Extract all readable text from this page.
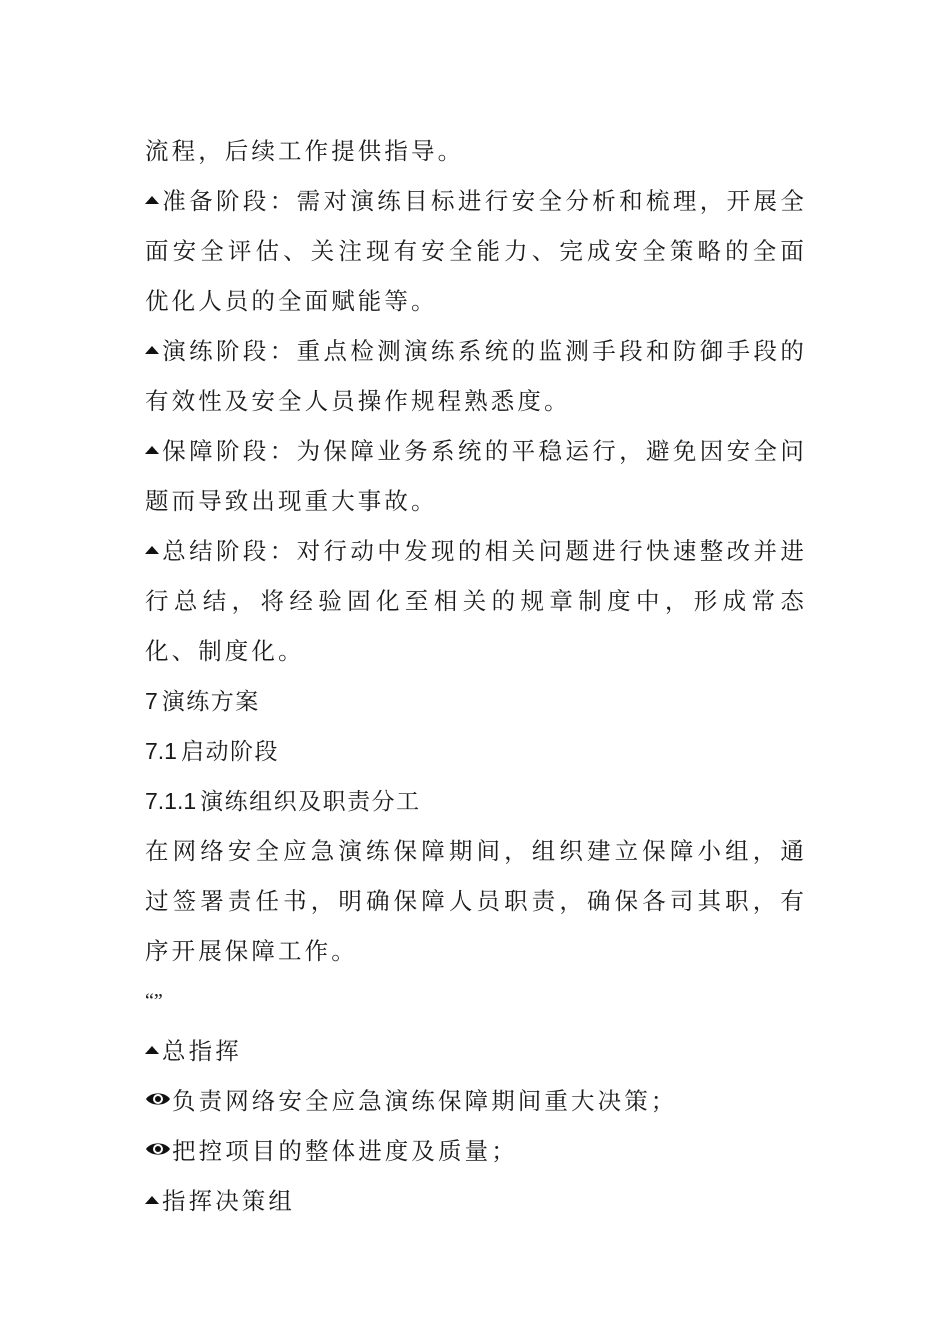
流程，后续工作提供指导。
准备阶段：需对演练目标进行安全分析和梳理，开展全面安全评估、关注现有安全能力、完成安全策略的全面优化人员的全面赋能等。
演练阶段：重点检测演练系统的监测手段和防御手段的有效性及安全人员操作规程熟悉度。
保障阶段：为保障业务系统的平稳运行，避免因安全问题而导致出现重大事故。
总结阶段：对行动中发现的相关问题进行快速整改并进行总结，将经验固化至相关的规章制度中，形成常态化、制度化。
7 演练方案
7.1 启动阶段
7.1.1 演练组织及职责分工
在网络安全应急演练保障期间，组织建立保障小组，通过签署责任书，明确保障人员职责，确保各司其职，有序开展保障工作。
“”
总指挥
负责网络安全应急演练保障期间重大决策；
把控项目的整体进度及质量；
指挥决策组
